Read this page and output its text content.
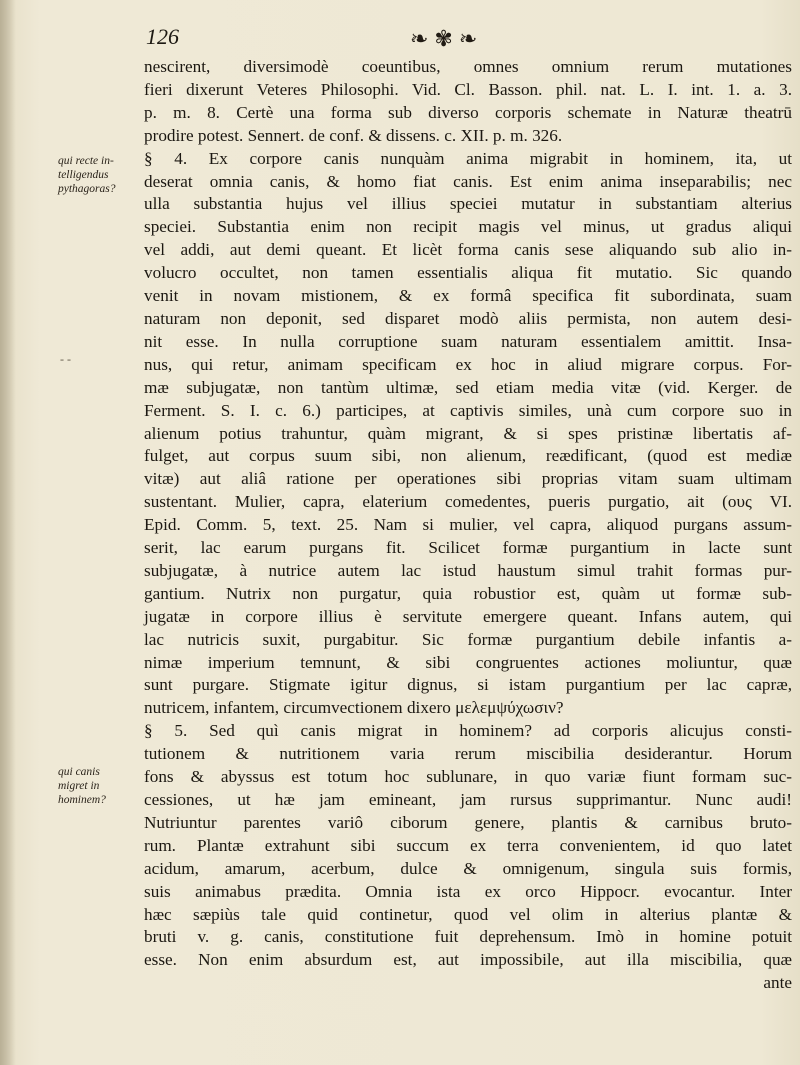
126	❧✾❧
qui recte in-
telligendus
pythagoras?
- -
qui canis
migret in
hominem?
nescirent, diversimodè coeuntibus, omnes omnium rerum mutationes
fieri dixerunt Veteres Philosophi. Vid. Cl. Basson. phil. nat. L. I. int. 1. a. 3.
p. m. 8. Certè una forma sub diverso corporis schemate in Naturæ theatrū
prodire potest. Sennert. de conf. & dissens. c. XII. p. m. 326.
§ 4. Ex corpore canis nunquàm anima migrabit in hominem, ita, ut
deserat omnia canis, & homo fiat canis. Est enim anima inseparabilis; nec
ulla substantia hujus vel illius speciei mutatur in substantiam alterius
speciei. Substantia enim non recipit magis vel minus, ut gradus aliqui
vel addi, aut demi queant. Et licèt forma canis sese aliquando sub alio in-
volucro occultet, non tamen essentialis aliqua fit mutatio. Sic quando
venit in novam mistionem, & ex formâ specifica fit subordinata, suam
naturam non deponit, sed disparet modò aliis permista, non autem desi-
nit esse. In nulla corruptione suam naturam essentialem amittit. Insa-
nus, qui retur, animam specificam ex hoc in aliud migrare corpus. For-
mæ subjugatæ, non tantùm ultimæ, sed etiam media vitæ (vid. Kerger. de
Ferment. S. I. c. 6.) participes, at captivis similes, unà cum corpore suo in
alienum potius trahuntur, quàm migrant, & si spes pristinæ libertatis af-
fulget, aut corpus suum sibi, non alienum, reædificant, (quod est mediæ
vitæ) aut aliâ ratione per operationes sibi proprias vitam suam ultimam
sustentant. Mulier, capra, elaterium comedentes, pueris purgatio, ait (ους VI.
Epid. Comm. 5, text. 25. Nam si mulier, vel capra, aliquod purgans assum-
serit, lac earum purgans fit. Scilicet formæ purgantium in lacte sunt
subjugatæ, à nutrice autem lac istud haustum simul trahit formas pur-
gantium. Nutrix non purgatur, quia robustior est, quàm ut formæ sub-
jugatæ in corpore illius è servitute emergere queant. Infans autem, qui
lac nutricis suxit, purgabitur. Sic formæ purgantium debile infantis a-
nimæ imperium temnunt, & sibi congruentes actiones moliuntur, quæ
sunt purgare. Stigmate igitur dignus, si istam purgantium per lac capræ,
nutricem, infantem, circumvectionem dixero μελεμψύχωσιν?
§ 5. Sed quì canis migrat in hominem? ad corporis alicujus consti-
tutionem & nutritionem varia rerum miscibilia desiderantur. Horum
fons & abyssus est totum hoc sublunare, in quo variæ fiunt formam suc-
cessiones, ut hæ jam emineant, jam rursus supprimantur. Nunc audi!
Nutriuntur parentes variô ciborum genere, plantis & carnibus bruto-
rum. Plantæ extrahunt sibi succum ex terra convenientem, id quo latet
acidum, amarum, acerbum, dulce & omnigenum, singula suis formis,
suis animabus prædita. Omnia ista ex orco Hippocr. evocantur. Inter
hæc sæpiùs tale quid continetur, quod vel olim in alterius plantæ &
bruti v. g. canis, constitutione fuit deprehensum. Imò in homine potuit
esse. Non enim absurdum est, aut impossibile, aut illa miscibilia, quæ
ante
